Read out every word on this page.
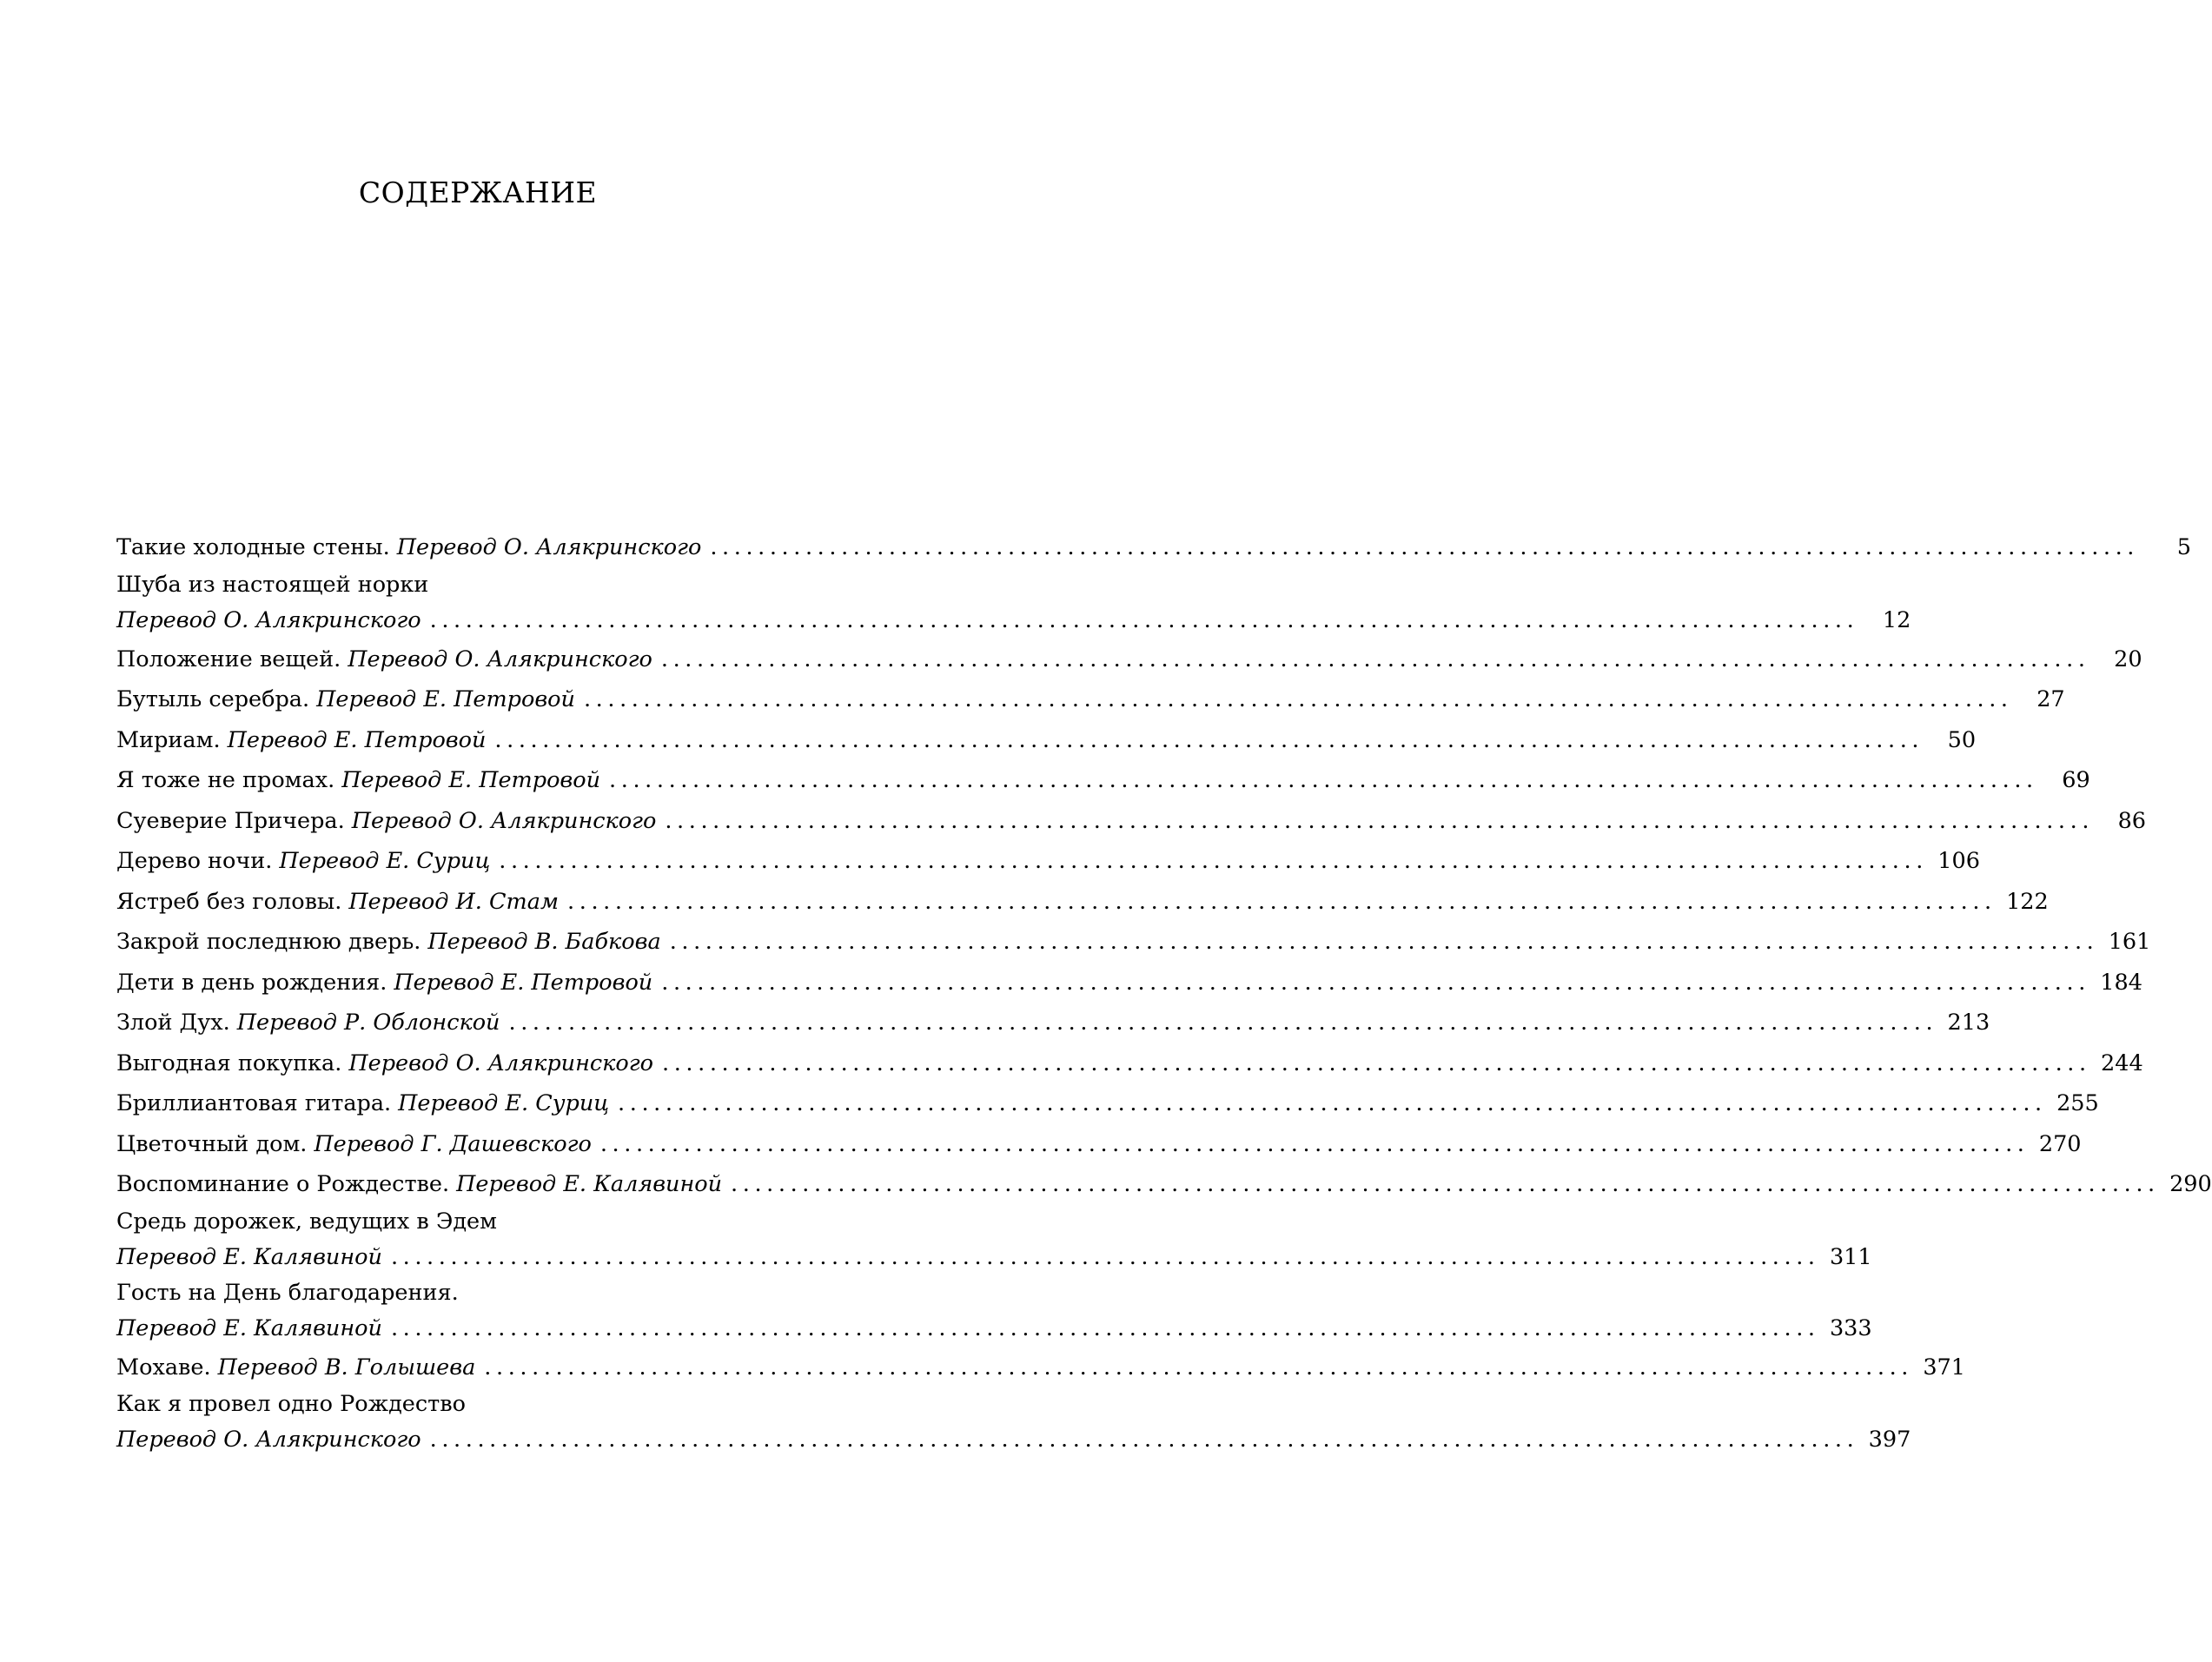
СОДЕРЖАНИЕ
Такие холодные стены. Перевод О. Алякринского ........................................................................................................................	5
Шуба из настоящей норки
Перевод О. Алякринского ........................................................................................................................	12
Положение вещей. Перевод О. Алякринского ........................................................................................................................	20
Бутыль серебра. Перевод Е. Петровой ........................................................................................................................	27
Мириам. Перевод Е. Петровой ........................................................................................................................	50
Я тоже не промах. Перевод Е. Петровой ........................................................................................................................	69
Суеверие Причера. Перевод О. Алякринского ........................................................................................................................	86
Дерево ночи. Перевод Е. Суриц ........................................................................................................................ 106
Ястреб без головы. Перевод И. Стам ........................................................................................................................ 122
Закрой последнюю дверь. Перевод В. Бабкова ........................................................................................................................ 161
Дети в день рождения. Перевод Е. Петровой ........................................................................................................................ 184
Злой Дух. Перевод Р. Облонской ........................................................................................................................ 213
Выгодная покупка. Перевод О. Алякринского ........................................................................................................................ 244
Бриллиантовая гитара. Перевод Е. Суриц ........................................................................................................................ 255
Цветочный дом. Перевод Г. Дашевского ........................................................................................................................ 270
Воспоминание о Рождестве. Перевод Е. Калявиной ........................................................................................................................ 290
Средь дорожек, ведущих в Эдем
Перевод Е. Калявиной ........................................................................................................................ 311
Гость на День благодарения.
Перевод Е. Калявиной ........................................................................................................................ 333
Мохаве. Перевод В. Голышева ........................................................................................................................ 371
Как я провел одно Рождество
Перевод О. Алякринского ........................................................................................................................ 397
